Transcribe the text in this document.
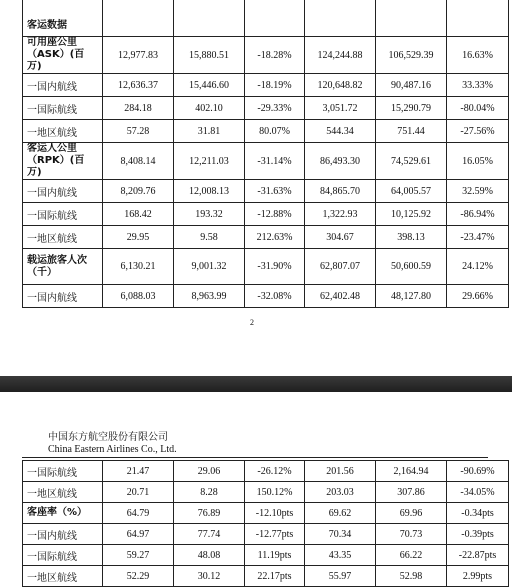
客运数据						
可用座公里（ASK）(百万)	12,977.83	15,880.51	-18.28%	124,244.88	106,529.39	16.63%
一国内航线	12,636.37	15,446.60	-18.19%	120,648.82	90,487.16	33.33%
一国际航线	284.18	402.10	-29.33%	3,051.72	15,290.79	-80.04%
一地区航线	57.28	31.81	80.07%	544.34	751.44	-27.56%
客运人公里（RPK）(百万)	8,408.14	12,211.03	-31.14%	86,493.30	74,529.61	16.05%
一国内航线	8,209.76	12,008.13	-31.63%	84,865.70	64,005.57	32.59%
一国际航线	168.42	193.32	-12.88%	1,322.93	10,125.92	-86.94%
一地区航线	29.95	9.58	212.63%	304.67	398.13	-23.47%
载运旅客人次（千）	6,130.21	9,001.32	-31.90%	62,807.07	50,600.59	24.12%
一国内航线	6,088.03	8,963.99	-32.08%	62,402.48	48,127.80	29.66%
2
中国东方航空股份有限公司
China Eastern Airlines Co., Ltd.
一国际航线	21.47	29.06	-26.12%	201.56	2,164.94	-90.69%
一地区航线	20.71	8.28	150.12%	203.03	307.86	-34.05%
客座率（%）	64.79	76.89	-12.10pts	69.62	69.96	-0.34pts
一国内航线	64.97	77.74	-12.77pts	70.34	70.73	-0.39pts
一国际航线	59.27	48.08	11.19pts	43.35	66.22	-22.87pts
一地区航线	52.29	30.12	22.17pts	55.97	52.98	2.99pts
